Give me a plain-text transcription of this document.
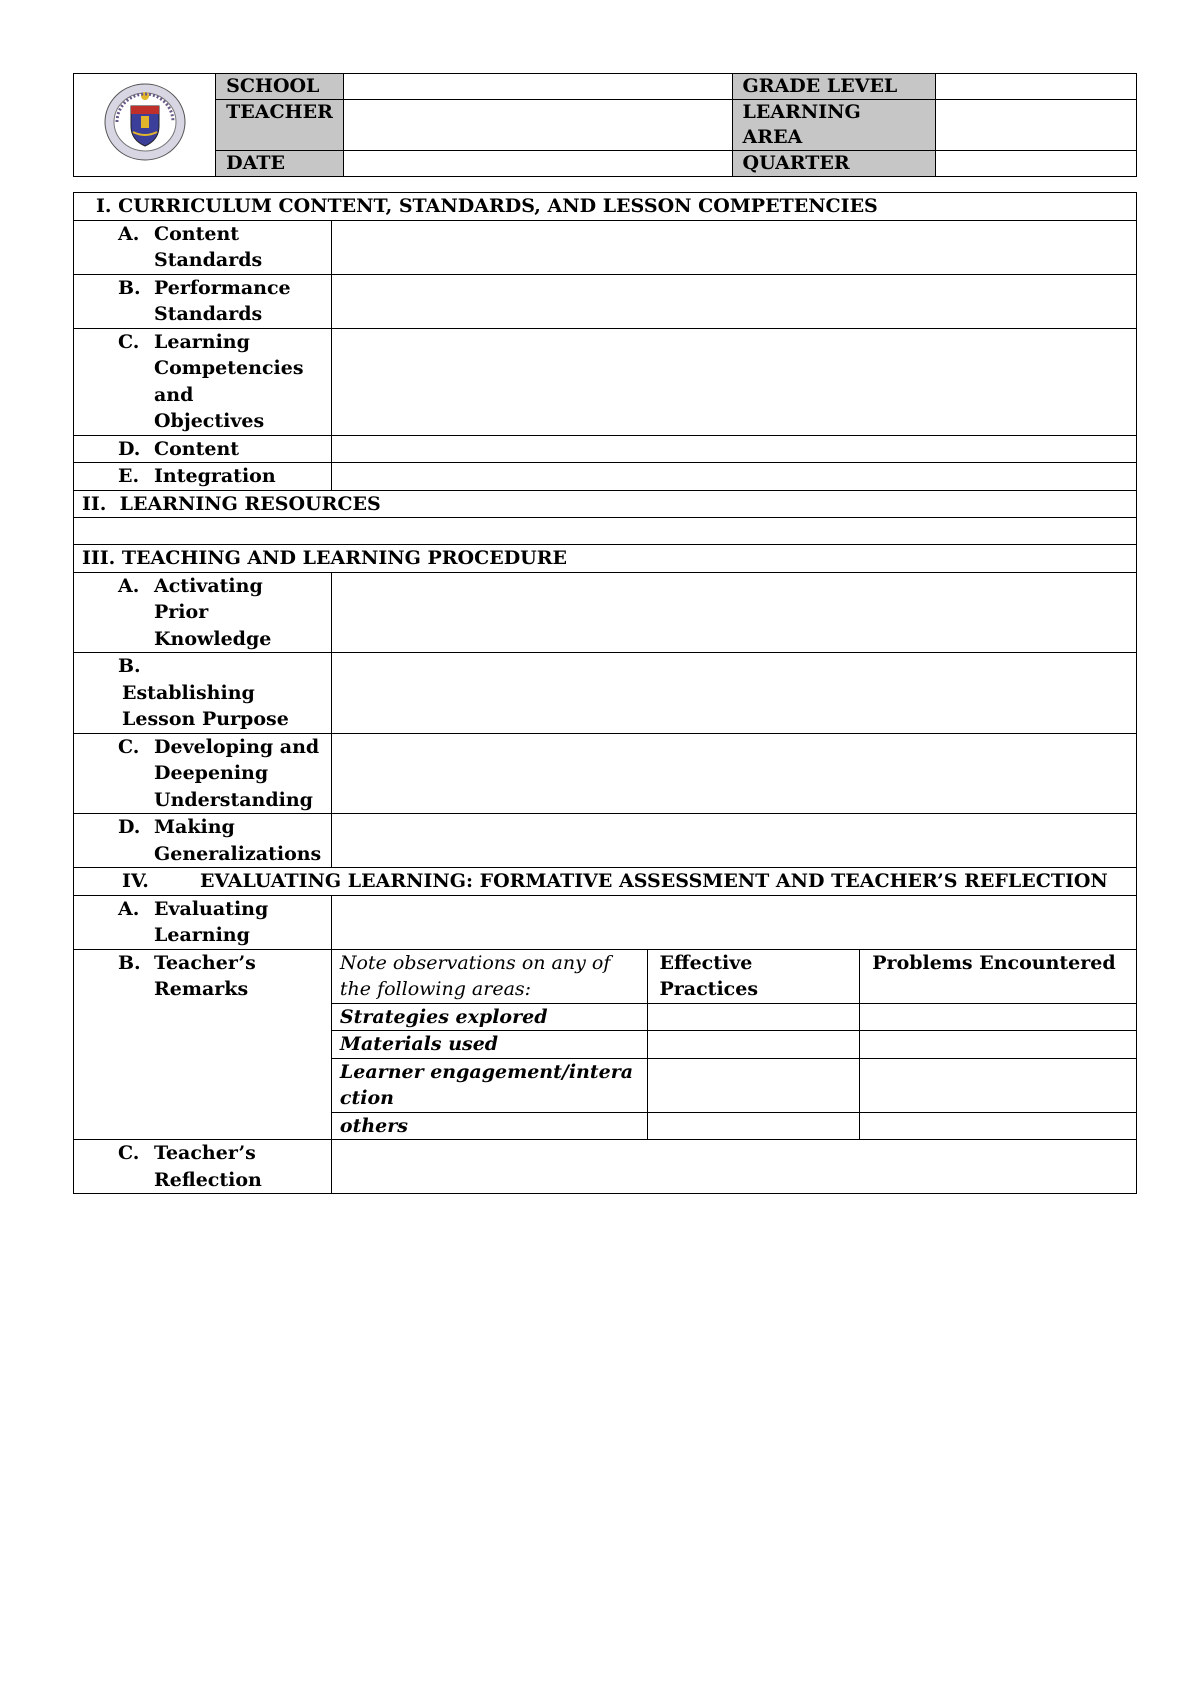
	SCHOOL		GRADE LEVEL	
	TEACHER		LEARNING AREA	
	DATE		QUARTER	
I. CURRICULUM CONTENT, STANDARDS, AND LESSON COMPETENCIES			
A. Content Standards			
B. Performance Standards			
C. Learning Competencies and Objectives			
D. Content			
E. Integration			
II.  LEARNING RESOURCES			

III. TEACHING AND LEARNING PROCEDURE			
A. Activating Prior Knowledge			
B.Establishing Lesson Purpose			
C. Developing and Deepening Understanding			
D. Making Generalizations			
IV. EVALUATING LEARNING: FORMATIVE ASSESSMENT AND TEACHER’S REFLECTION			
A. Evaluating Learning			
B. Teacher’s Remarks	Note observations on any of the following areas:	Effective Practices	Problems Encountered
	Strategies explored		
	Materials used		
	Learner engagement/interaction		
	others		
C. Teacher’s Reflection			
